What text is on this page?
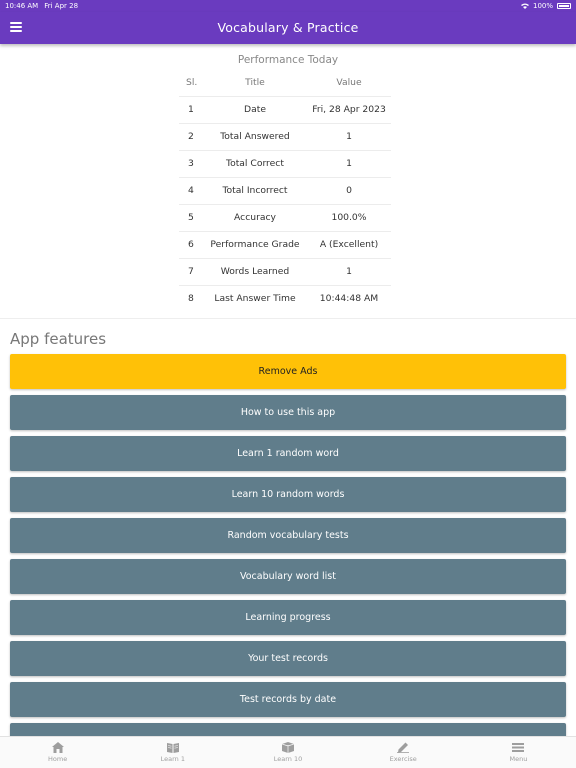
10:46 AM Fri Apr 28	100%
Vocabulary & Practice
Performance Today
Sl.	Title	Value
1	Date	Fri, 28 Apr 2023
2	Total Answered	1
3	Total Correct	1
4	Total Incorrect	0
5	Accuracy	100.0%
6	Performance Grade	A (Excellent)
7	Words Learned	1
8	Last Answer Time	10:44:48 AM
App features
Remove Ads
How to use this app
Learn 1 random word
Learn 10 random words
Random vocabulary tests
Vocabulary word list
Learning progress
Your test records
Test records by date
Home	Learn 1	Learn 10	Exercise	Menu
